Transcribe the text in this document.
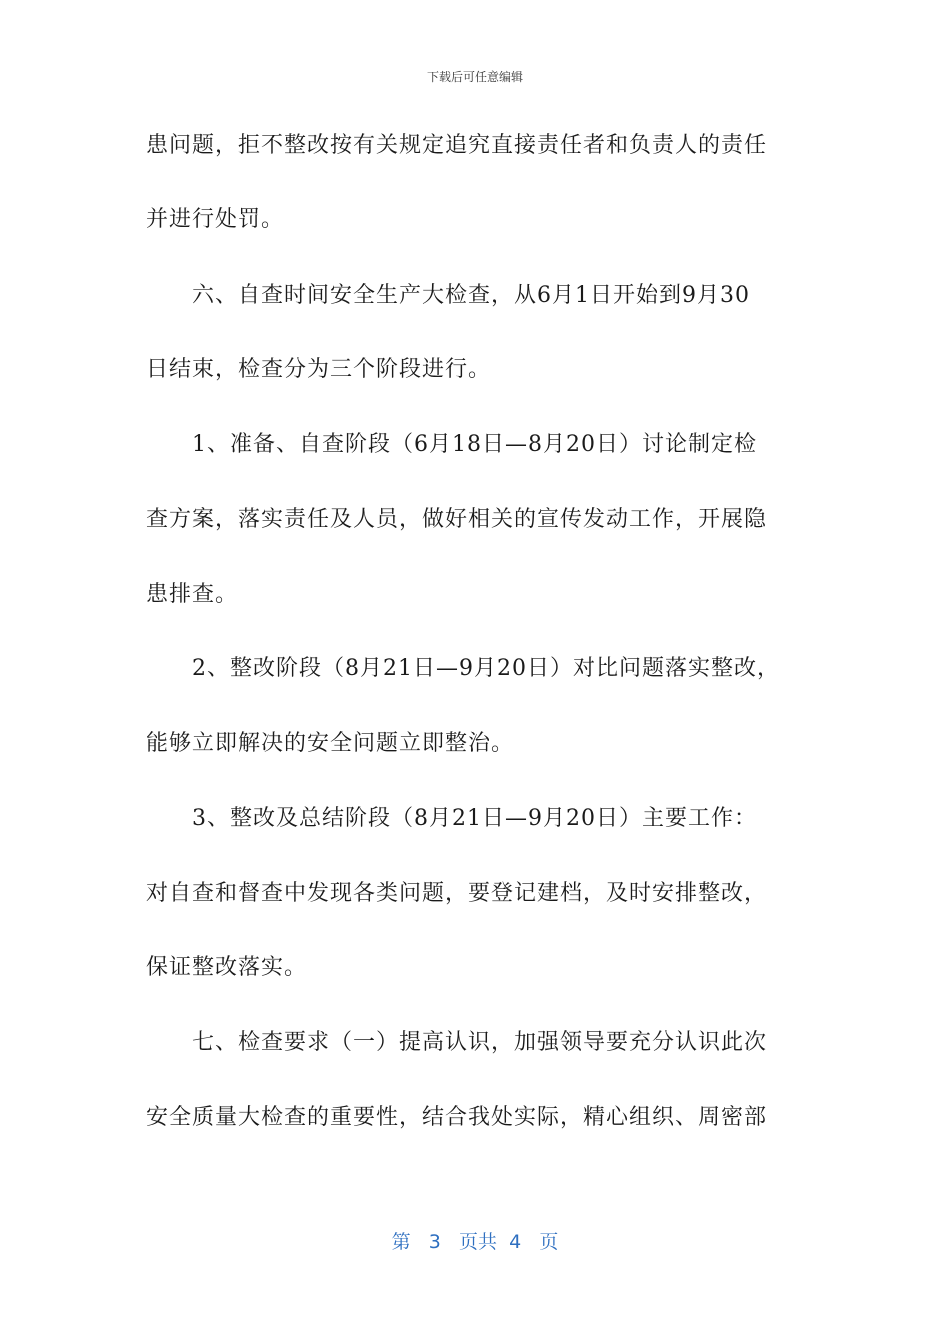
下载后可任意编辑
患问题，拒不整改按有关规定追究直接责任者和负责人的责任
并进行处罚。
六、自查时间安全生产大检查，从6月1日开始到9月30
日结束，检查分为三个阶段进行。
1、准备、自查阶段（6月18日—8月20日）讨论制定检
查方案，落实责任及人员，做好相关的宣传发动工作，开展隐
患排查。
2、整改阶段（8月21日—9月20日）对比问题落实整改，
能够立即解决的安全问题立即整治。
3、整改及总结阶段（8月21日—9月20日）主要工作：
对自查和督查中发现各类问题，要登记建档，及时安排整改，
保证整改落实。
七、检查要求（一）提高认识，加强领导要充分认识此次
安全质量大检查的重要性，结合我处实际，精心组织、周密部
第 3 页共 4 页
